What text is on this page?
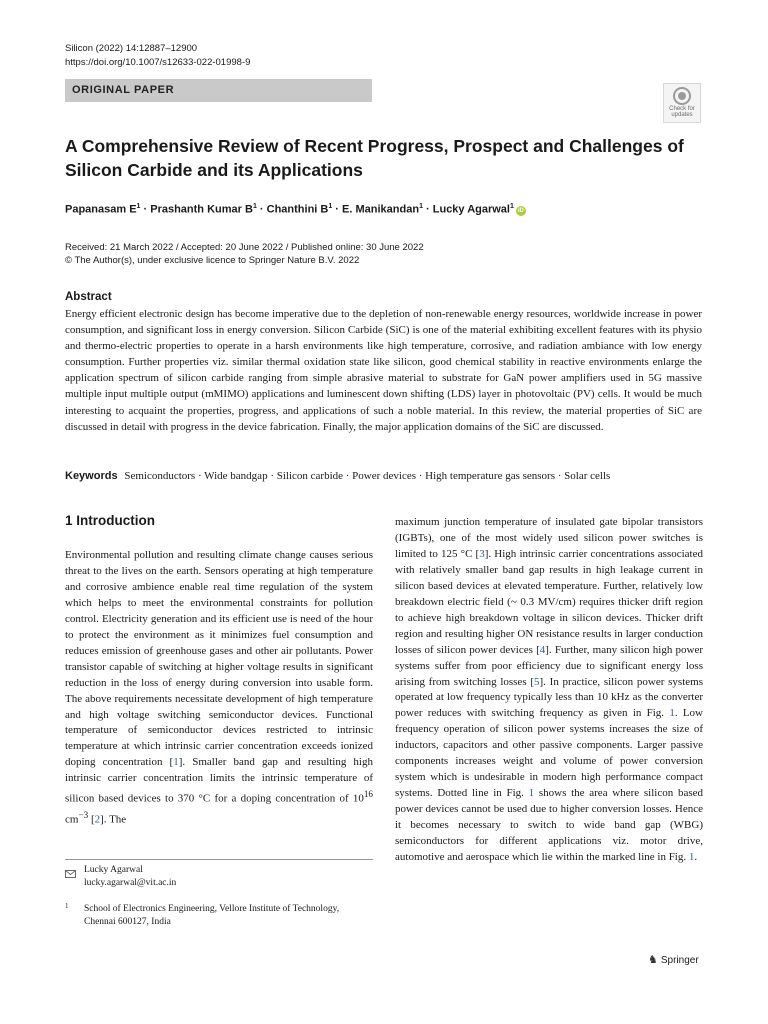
Silicon (2022) 14:12887–12900
https://doi.org/10.1007/s12633-022-01998-9
ORIGINAL PAPER
Check for
updates
A Comprehensive Review of Recent Progress, Prospect and Challenges of Silicon Carbide and its Applications
Papanasam $E^1$ · Prashanth Kumar $B^1$ · Chanthini $B^1 \cdot E$. Manikandan$^1$ · Lucky Agarwal$^1$iD
Received: 21 March 2022 / Accepted: 20 June 2022 / Published online: 30 June 2022
© The Author(s), under exclusive licence to Springer Nature B.V. 2022
Abstract
Energy efficient electronic design has become imperative due to the depletion of non-renewable energy resources, worldwide increase in power consumption, and significant loss in energy conversion. Silicon Carbide (SiC) is one of the material exhibiting excellent features with its physio and thermo-electric properties to operate in a harsh environments like high temperature, corrosive, and radiation ambiance with low energy consumption. Further properties viz. similar thermal oxidation state like silicon, good chemical stability in reactive environments enlarge the application spectrum of silicon carbide ranging from simple abrasive material to substrate for GaN power amplifiers used in 5G massive multiple input multiple output (mMIMO) applications and luminescent down shifting (LDS) layer in photovoltaic (PV) cells. It would be much interesting to acquaint the properties, progress, and applications of such a noble material. In this review, the material properties of SiC are discussed in detail with progress in the device fabrication. Finally, the major application domains of the SiC are discussed.
Keywords Semiconductors · Wide bandgap · Silicon carbide · Power devices · High temperature gas sensors · Solar cells
1 Introduction
Environmental pollution and resulting climate change causes serious threat to the lives on the earth. Sensors operating at high temperature and corrosive ambience enable real time regulation of the system which helps to meet the environmental constraints for pollution control. Electricity generation and its efficient use is need of the hour to protect the environment as it minimizes fuel consumption and reduces emission of greenhouse gases and other air pollutants. Power transistor capable of switching at higher voltage results in significant reduction in the loss of energy during conversion into usable form. The above requirements necessitate development of high temperature and high voltage switching semiconductor devices. Functional temperature of semiconductor devices restricted to intrinsic temperature at which intrinsic carrier concentration exceeds ionized doping concentration [1]. Smaller band gap and resulting high intrinsic carrier concentration limits the intrinsic temperature of silicon based devices to 370 °C for a doping concentration of $10^{16}$ $cm^{-3}$ [2]. The
maximum junction temperature of insulated gate bipolar transistors (IGBTs), one of the most widely used silicon power switches is limited to 125 °C [3]. High intrinsic carrier concentrations associated with relatively smaller band gap results in high leakage current in silicon based devices at elevated temperature. Further, relatively low breakdown electric field (~ 0.3 MV/cm) requires thicker drift region to achieve high breakdown voltage in silicon devices. Thicker drift region and resulting higher ON resistance results in larger conduction losses of silicon power devices [4]. Further, many silicon high power systems suffer from poor efficiency due to significant energy loss arising from switching losses [5]. In practice, silicon power systems operated at low frequency typically less than 10 kHz as the converter power reduces with switching frequency as given in Fig. 1. Low frequency operation of silicon power systems increases the size of inductors, capacitors and other passive components. Larger passive components increases weight and volume of power conversion system which is undesirable in modern high performance compact systems. Dotted line in Fig. 1 shows the area where silicon based power devices cannot be used due to higher conversion losses. Hence it becomes necessary to switch to wide band gap (WBG) semiconductors for different applications viz. motor drive, automotive and aerospace which lie within the marked line in Fig. 1.
Lucky Agarwal
lucky.agarwal@vit.ac.in
1 School of Electronics Engineering, Vellore Institute of Technology, Chennai 600127, India
♞ Springer
